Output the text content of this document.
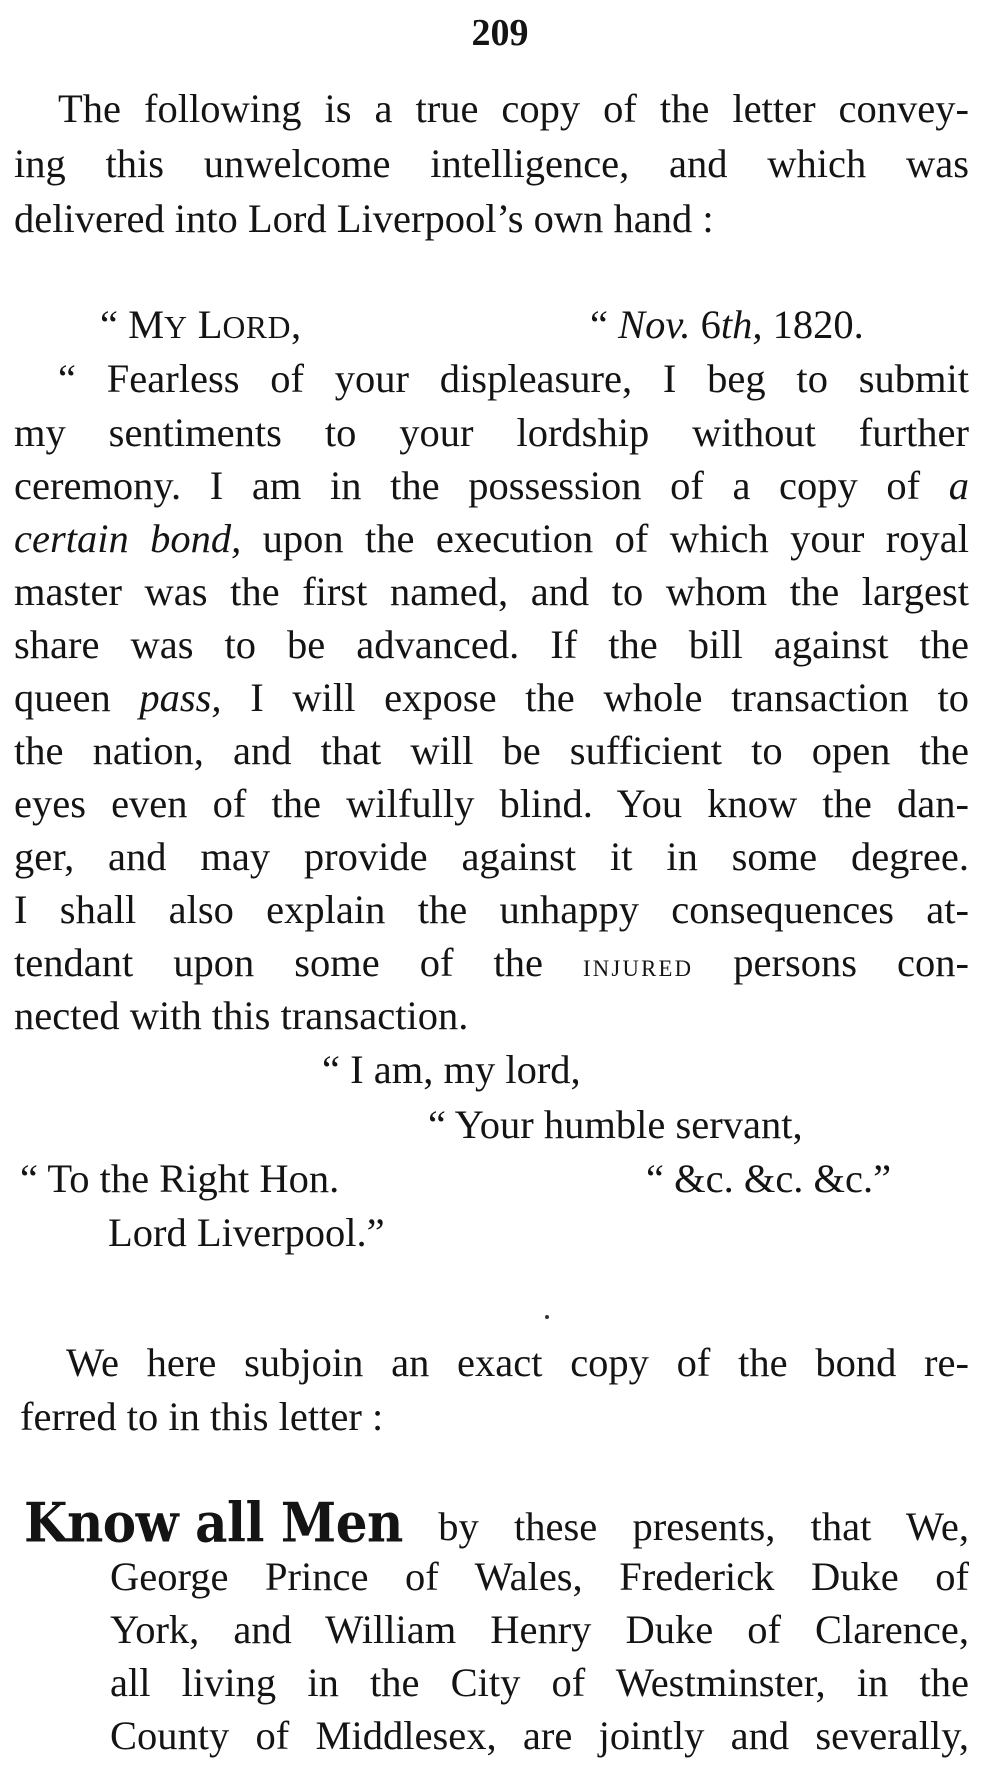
209
The following is a true copy of the letter convey-
ing this unwelcome intelligence, and which was
delivered into Lord Liverpool’s own hand :
“ MY LORD,	“ Nov. 6th, 1820.
“ Fearless of your displeasure, I beg to submit
my sentiments to your lordship without further
ceremony. I am in the possession of a copy of a
certain bond, upon the execution of which your royal
master was the first named, and to whom the largest
share was to be advanced. If the bill against the
queen pass, I will expose the whole transaction to
the nation, and that will be sufficient to open the
eyes even of the wilfully blind. You know the dan-
ger, and may provide against it in some degree.
I shall also explain the unhappy consequences at-
tendant upon some of the INJURED persons con-
nected with this transaction.
“ I am, my lord,
“ Your humble servant,
“ To the Right Hon.	“ &c. &c. &c.”
Lord Liverpool.”
We here subjoin an exact copy of the bond re-
ferred to in this letter :
Know all Men by these presents, that We,
George Prince of Wales, Frederick Duke of
York, and William Henry Duke of Clarence,
all living in the City of Westminster, in the
County of Middlesex, are jointly and severally,
